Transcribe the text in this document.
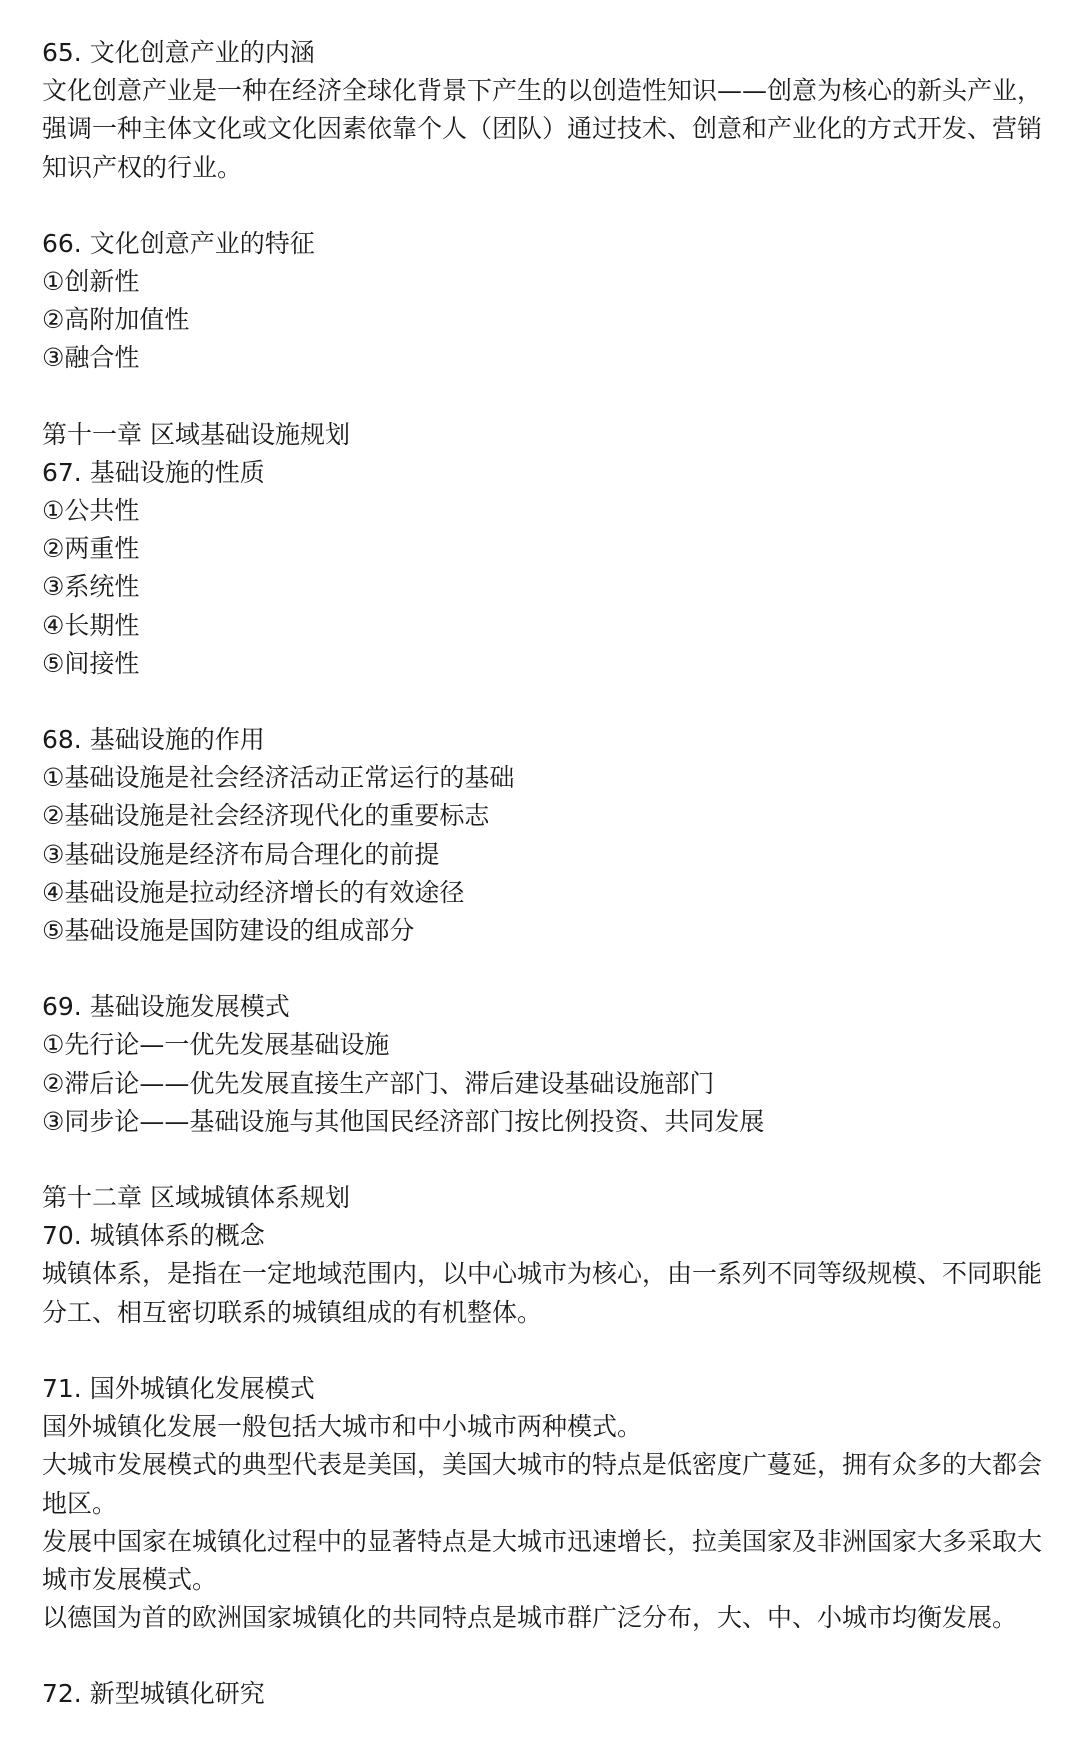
65. 文化创意产业的内涵
文化创意产业是一种在经济全球化背景下产生的以创造性知识——创意为核心的新头产业，强调一种主体文化或文化因素依靠个人（团队）通过技术、创意和产业化的方式开发、营销知识产权的行业。
66. 文化创意产业的特征
①创新性
②高附加值性
③融合性
第十一章 区域基础设施规划
67. 基础设施的性质
①公共性
②两重性
③系统性
④长期性
⑤间接性
68. 基础设施的作用
①基础设施是社会经济活动正常运行的基础
②基础设施是社会经济现代化的重要标志
③基础设施是经济布局合理化的前提
④基础设施是拉动经济增长的有效途径
⑤基础设施是国防建设的组成部分
69. 基础设施发展模式
①先行论—一优先发展基础设施
②滞后论——优先发展直接生产部门、滞后建设基础设施部门
③同步论——基础设施与其他国民经济部门按比例投资、共同发展
第十二章 区域城镇体系规划
70. 城镇体系的概念
城镇体系，是指在一定地域范围内，以中心城市为核心，由一系列不同等级规模、不同职能分工、相互密切联系的城镇组成的有机整体。
71. 国外城镇化发展模式
国外城镇化发展一般包括大城市和中小城市两种模式。
大城市发展模式的典型代表是美国，美国大城市的特点是低密度广蔓延，拥有众多的大都会地区。
发展中国家在城镇化过程中的显著特点是大城市迅速增长，拉美国家及非洲国家大多采取大城市发展模式。
以德国为首的欧洲国家城镇化的共同特点是城市群广泛分布，大、中、小城市均衡发展。
72. 新型城镇化研究
